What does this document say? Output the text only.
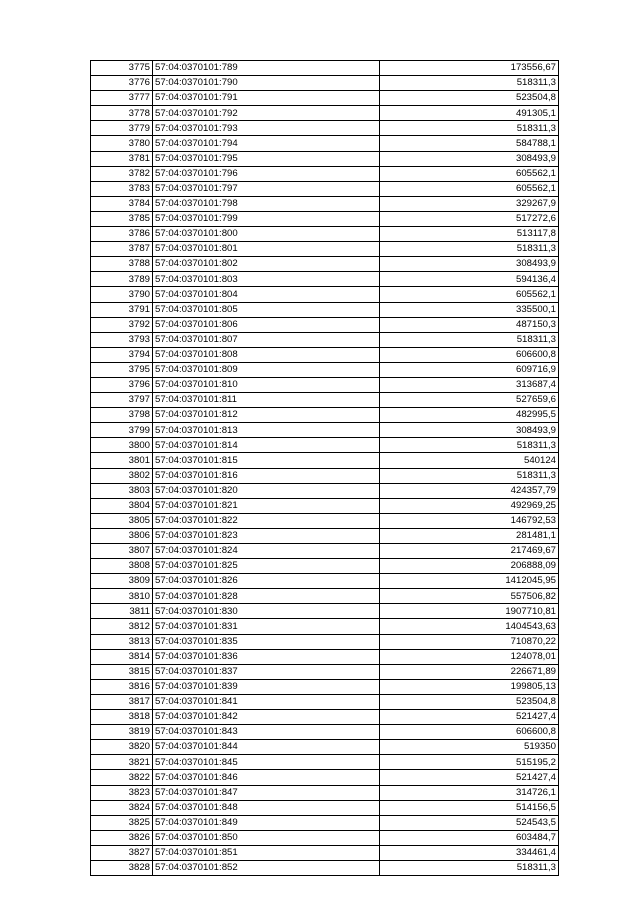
3775	57:04:0370101:789	173556,67
3776	57:04:0370101:790	518311,3
3777	57:04:0370101:791	523504,8
3778	57:04:0370101:792	491305,1
3779	57:04:0370101:793	518311,3
3780	57:04:0370101:794	584788,1
3781	57:04:0370101:795	308493,9
3782	57:04:0370101:796	605562,1
3783	57:04:0370101:797	605562,1
3784	57:04:0370101:798	329267,9
3785	57:04:0370101:799	517272,6
3786	57:04:0370101:800	513117,8
3787	57:04:0370101:801	518311,3
3788	57:04:0370101:802	308493,9
3789	57:04:0370101:803	594136,4
3790	57:04:0370101:804	605562,1
3791	57:04:0370101:805	335500,1
3792	57:04:0370101:806	487150,3
3793	57:04:0370101:807	518311,3
3794	57:04:0370101:808	606600,8
3795	57:04:0370101:809	609716,9
3796	57:04:0370101:810	313687,4
3797	57:04:0370101:811	527659,6
3798	57:04:0370101:812	482995,5
3799	57:04:0370101:813	308493,9
3800	57:04:0370101:814	518311,3
3801	57:04:0370101:815	540124
3802	57:04:0370101:816	518311,3
3803	57:04:0370101:820	424357,79
3804	57:04:0370101:821	492969,25
3805	57:04:0370101:822	146792,53
3806	57:04:0370101:823	281481,1
3807	57:04:0370101:824	217469,67
3808	57:04:0370101:825	206888,09
3809	57:04:0370101:826	1412045,95
3810	57:04:0370101:828	557506,82
3811	57:04:0370101:830	1907710,81
3812	57:04:0370101:831	1404543,63
3813	57:04:0370101:835	710870,22
3814	57:04:0370101:836	124078,01
3815	57:04:0370101:837	226671,89
3816	57:04:0370101:839	199805,13
3817	57:04:0370101:841	523504,8
3818	57:04:0370101:842	521427,4
3819	57:04:0370101:843	606600,8
3820	57:04:0370101:844	519350
3821	57:04:0370101:845	515195,2
3822	57:04:0370101:846	521427,4
3823	57:04:0370101:847	314726,1
3824	57:04:0370101:848	514156,5
3825	57:04:0370101:849	524543,5
3826	57:04:0370101:850	603484,7
3827	57:04:0370101:851	334461,4
3828	57:04:0370101:852	518311,3
